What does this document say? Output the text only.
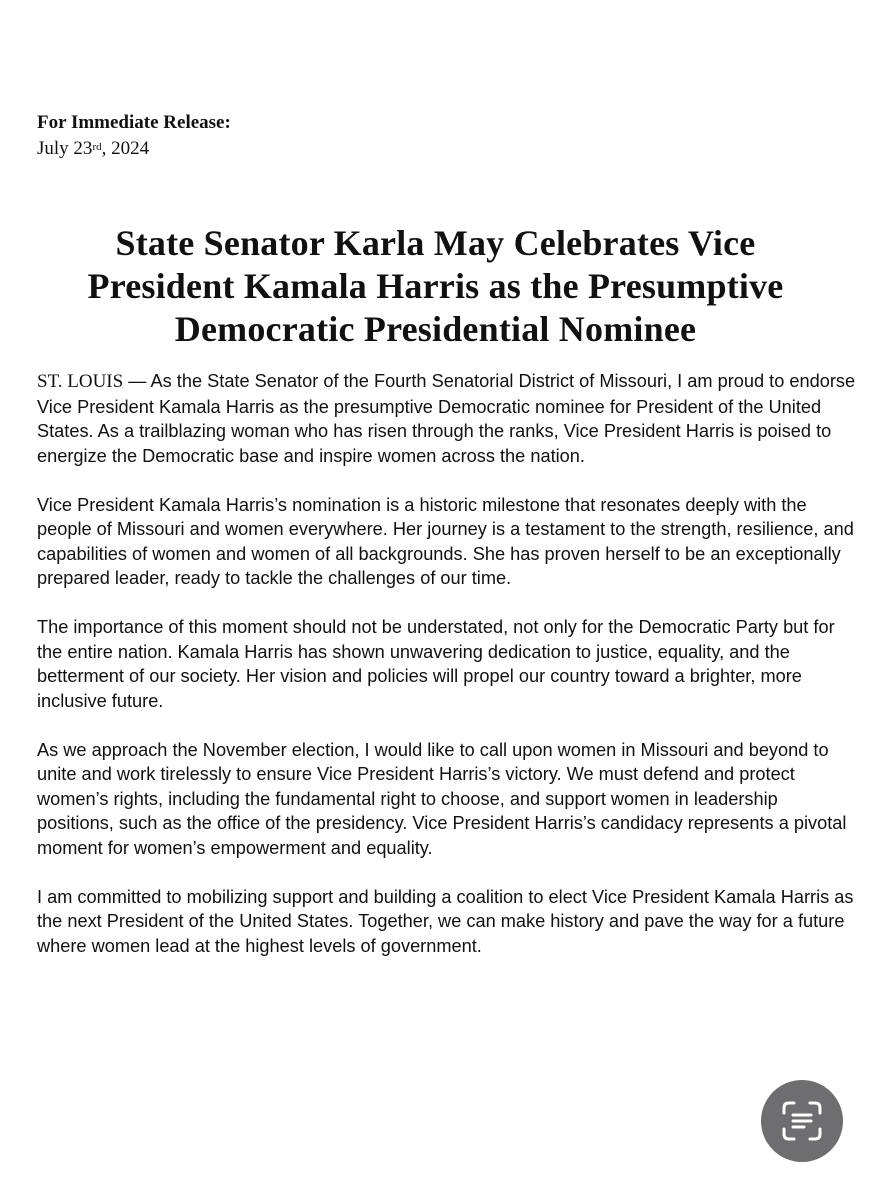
For Immediate Release:
July 23rd, 2024
State Senator Karla May Celebrates Vice
President Kamala Harris as the Presumptive
Democratic Presidential Nominee

ST. LOUIS — As the State Senator of the Fourth Senatorial District of Missouri, I am proud to endorse Vice President Kamala Harris as the presumptive Democratic nominee for President of the United States. As a trailblazing woman who has risen through the ranks, Vice President Harris is poised to energize the Democratic base and inspire women across the nation.

Vice President Kamala Harris’s nomination is a historic milestone that resonates deeply with the people of Missouri and women everywhere. Her journey is a testament to the strength, resilience, and capabilities of women and women of all backgrounds. She has proven herself to be an exceptionally prepared leader, ready to tackle the challenges of our time.

The importance of this moment should not be understated, not only for the Democratic Party but for the entire nation. Kamala Harris has shown unwavering dedication to justice, equality, and the betterment of our society. Her vision and policies will propel our country toward a brighter, more inclusive future.

As we approach the November election, I would like to call upon women in Missouri and beyond to unite and work tirelessly to ensure Vice President Harris’s victory. We must defend and protect women’s rights, including the fundamental right to choose, and support women in leadership positions, such as the office of the presidency. Vice President Harris’s candidacy represents a pivotal moment for women’s empowerment and equality.

I am committed to mobilizing support and building a coalition to elect Vice President Kamala Harris as the next President of the United States. Together, we can make history and pave the way for a future where women lead at the highest levels of government.
